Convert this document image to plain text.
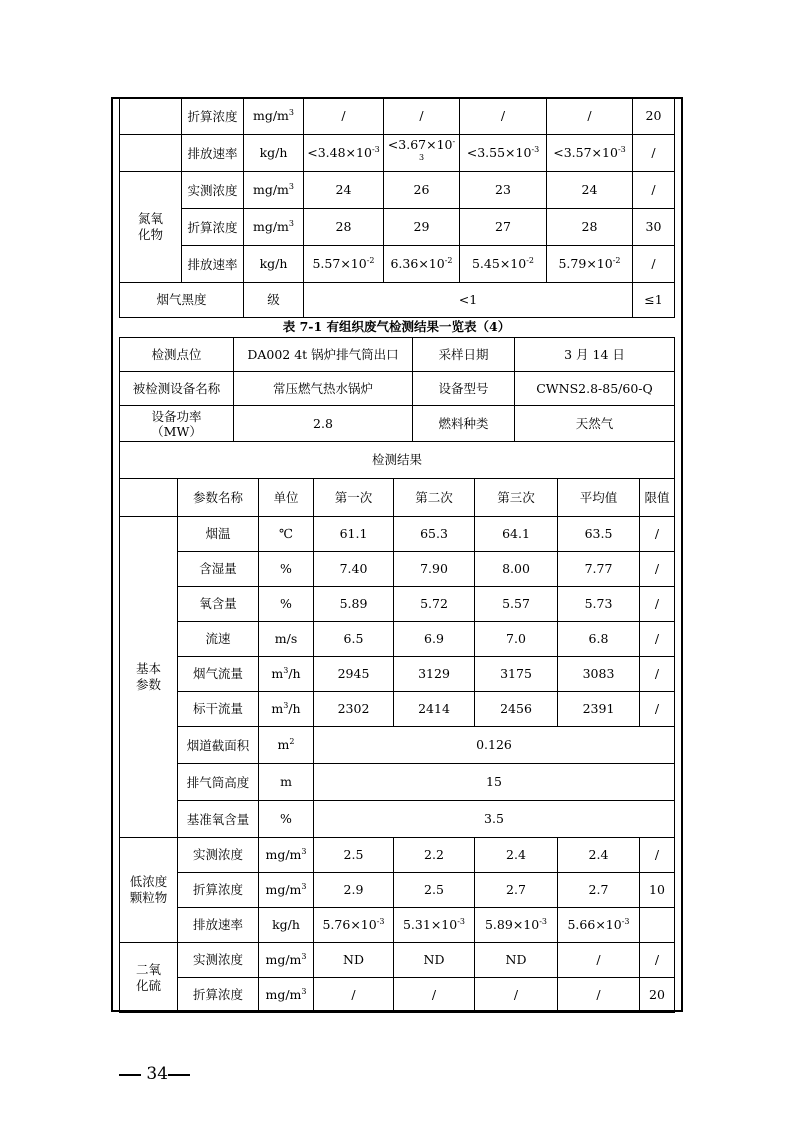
	折算浓度	$mg/m^3$	/	/	/	/	20
	排放速率	kg/h	$<3.48\times 10^{-3}$	$<3.67\times 10^{-3}$	$<3.55\times 10^{-3}$	$<3.57\times 10^{-3}$	/
氮氧化物	实测浓度	$mg/m^3$	24	26	23	24	/
	折算浓度	$mg/m^3$	28	29	27	28	30
	排放速率	kg/h	$5.57\times 10^{-2}$	$6.36\times 10^{-2}$	$5.45\times 10^{-2}$	$5.79\times 10^{-2}$	/
烟气黑度		级	<1				≤1
表 7-1 有组织废气检测结果一览表（4）
检测点位	DA002 4t 锅炉排气筒出口	采样日期	3 月 14 日
被检测设备名称	常压燃气热水锅炉	设备型号	CWNS2.8-85/60-Q
设备功率
（MW）	2.8	燃料种类	天然气
检测结果			
	参数名称	单位	第一次	第二次	第三次	平均值	限值
基本参数	烟温	℃	61.1	65.3	64.1	63.5	/
	含湿量	%	7.40	7.90	8.00	7.77	/
	氧含量	%	5.89	5.72	5.57	5.73	/
	流速	m/s	6.5	6.9	7.0	6.8	/
	烟气流量	$m^3/h$	2945	3129	3175	3083	/
	标干流量	$m^3/h$	2302	2414	2456	2391	/
	烟道截面积	$m^2$	0.126				
	排气筒高度	m	15				
	基准氧含量	%	3.5				
低浓度颗粒物	实测浓度	$mg/m^3$	2.5	2.2	2.4	2.4	/
	折算浓度	$mg/m^3$	2.9	2.5	2.7	2.7	10
	排放速率	kg/h	$5.76\times 10^{-3}$	$5.31\times 10^{-3}$	$5.89\times 10^{-3}$	$5.66\times 10^{-3}$	
二氧化硫	实测浓度	$mg/m^3$	ND	ND	ND	/	/
	折算浓度	$mg/m^3$	/	/	/	/	20
34
